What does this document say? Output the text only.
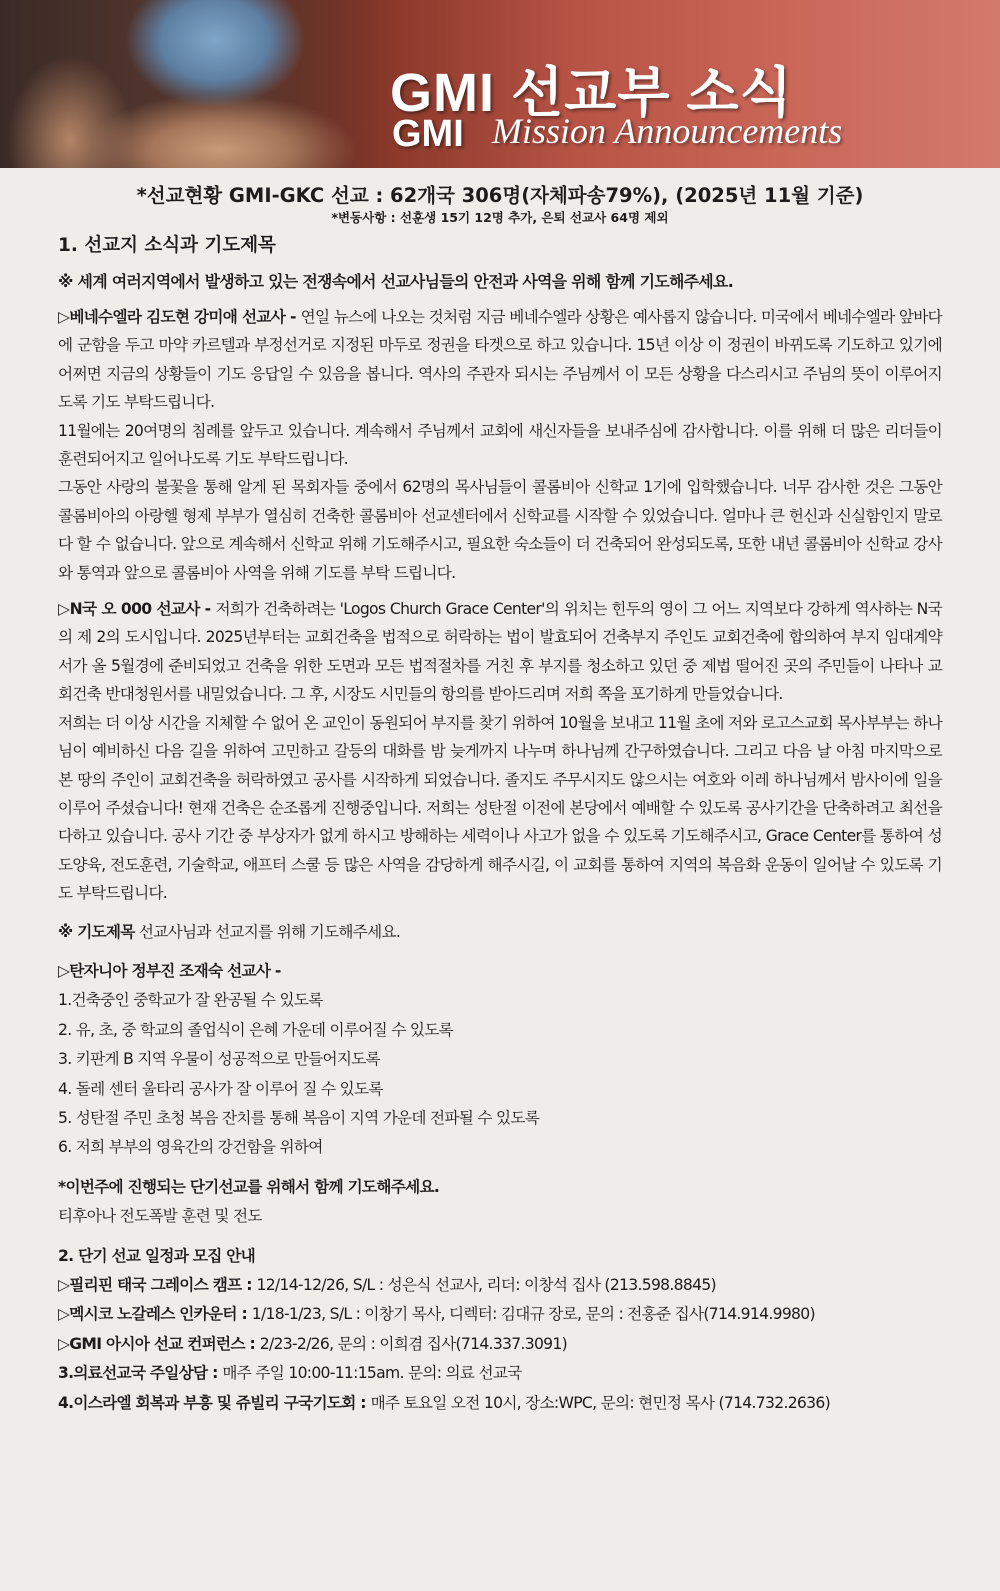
GMI 선교부 소식
GMI Mission Announcements
*선교현황 GMI-GKC 선교 : 62개국 306명(자체파송79%), (2025년 11월 기준)
*변동사항 : 선훈생 15기 12명 추가, 은퇴 선교사 64명 제외
1. 선교지 소식과 기도제목
※ 세계 여러지역에서 발생하고 있는 전쟁속에서 선교사님들의 안전과 사역을 위해 함께 기도해주세요.
▷베네수엘라 김도현 강미애 선교사 - 연일 뉴스에 나오는 것처럼 지금 베네수엘라 상황은 예사롭지 않습니다. 미국에서 베네수엘라 앞바다에 군함을 두고 마약 카르텔과 부정선거로 지정된 마두로 정권을 타겟으로 하고 있습니다. 15년 이상 이 정권이 바뀌도록 기도하고 있기에 어쩌면 지금의 상황들이 기도 응답일 수 있음을 봅니다. 역사의 주관자 되시는 주님께서 이 모든 상황을 다스리시고 주님의 뜻이 이루어지도록 기도 부탁드립니다.
11월에는 20여명의 침례를 앞두고 있습니다. 계속해서 주님께서 교회에 새신자들을 보내주심에 감사합니다. 이를 위해 더 많은 리더들이 훈련되어지고 일어나도록 기도 부탁드립니다.
그동안 사랑의 불꽃을 통해 알게 된 목회자들 중에서 62명의 목사님들이 콜롬비아 신학교 1기에 입학했습니다. 너무 감사한 것은 그동안 콜롬비아의 아랑헬 형제 부부가 열심히 건축한 콜롬비아 선교센터에서 신학교를 시작할 수 있었습니다. 얼마나 큰 헌신과 신실함인지 말로 다 할 수 없습니다. 앞으로 계속해서 신학교 위해 기도해주시고, 필요한 숙소들이 더 건축되어 완성되도록, 또한 내년 콜롬비아 신학교 강사와 통역과 앞으로 콜롬비아 사역을 위해 기도를 부탁 드립니다.
▷N국 오 000 선교사 - 저희가 건축하려는 'Logos Church Grace Center'의 위치는 힌두의 영이 그 어느 지역보다 강하게 역사하는 N국의 제 2의 도시입니다. 2025년부터는 교회건축을 법적으로 허락하는 법이 발효되어 건축부지 주인도 교회건축에 합의하여 부지 임대계약서가 올 5월경에 준비되었고 건축을 위한 도면과 모든 법적절차를 거친 후 부지를 청소하고 있던 중 제법 떨어진 곳의 주민들이 나타나 교회건축 반대청원서를 내밀었습니다. 그 후, 시장도 시민들의 항의를 받아드리며 저희 쪽을 포기하게 만들었습니다.
저희는 더 이상 시간을 지체할 수 없어 온 교인이 동원되어 부지를 찾기 위하여 10월을 보내고 11월 초에 저와 로고스교회 목사부부는 하나님이 예비하신 다음 길을 위하여 고민하고 갈등의 대화를 밤 늦게까지 나누며 하나님께 간구하였습니다. 그리고 다음 날 아침 마지막으로 본 땅의 주인이 교회건축을 허락하였고 공사를 시작하게 되었습니다. 졸지도 주무시지도 않으시는 여호와 이레 하나님께서 밤사이에 일을 이루어 주셨습니다! 현재 건축은 순조롭게 진행중입니다. 저희는 성탄절 이전에 본당에서 예배할 수 있도록 공사기간을 단축하려고 최선을 다하고 있습니다. 공사 기간 중 부상자가 없게 하시고 방해하는 세력이나 사고가 없을 수 있도록 기도해주시고, Grace Center를 통하여 성도양육, 전도훈련, 기술학교, 애프터 스쿨 등 많은 사역을 감당하게 해주시길, 이 교회를 통하여 지역의 복음화 운동이 일어날 수 있도록 기도 부탁드립니다.
※ 기도제목 선교사님과 선교지를 위해 기도해주세요.
▷탄자니아 정부진 조재숙 선교사 -
1.건축중인 중학교가 잘 완공될 수 있도록
2. 유, 초, 중 학교의 졸업식이 은혜 가운데 이루어질 수 있도록
3. 키판게 B 지역 우물이 성공적으로 만들어지도록
4. 돌레 센터 울타리 공사가 잘 이루어 질 수 있도록
5. 성탄절 주민 초청 복음 잔치를 통해 복음이 지역 가운데 전파될 수 있도록
6. 저희 부부의 영육간의 강건함을 위하여
*이번주에 진행되는 단기선교를 위해서 함께 기도해주세요.
티후아나 전도폭발 훈련 및 전도
2. 단기 선교 일정과 모집 안내
▷필리핀 태국 그레이스 캠프 : 12/14-12/26, S/L : 성은식 선교사, 리더: 이창석 집사 (213.598.8845)
▷멕시코 노갈레스 인카운터 : 1/18-1/23, S/L : 이창기 목사, 디렉터: 김대규 장로, 문의 : 전홍준 집사(714.914.9980)
▷GMI 아시아 선교 컨퍼런스 : 2/23-2/26, 문의 : 이희겸 집사(714.337.3091)
3.의료선교국 주일상담 : 매주 주일 10:00-11:15am. 문의: 의료 선교국
4.이스라엘 회복과 부흥 및 쥬빌리 구국기도회 : 매주 토요일 오전 10시, 장소:WPC, 문의: 현민정 목사 (714.732.2636)
